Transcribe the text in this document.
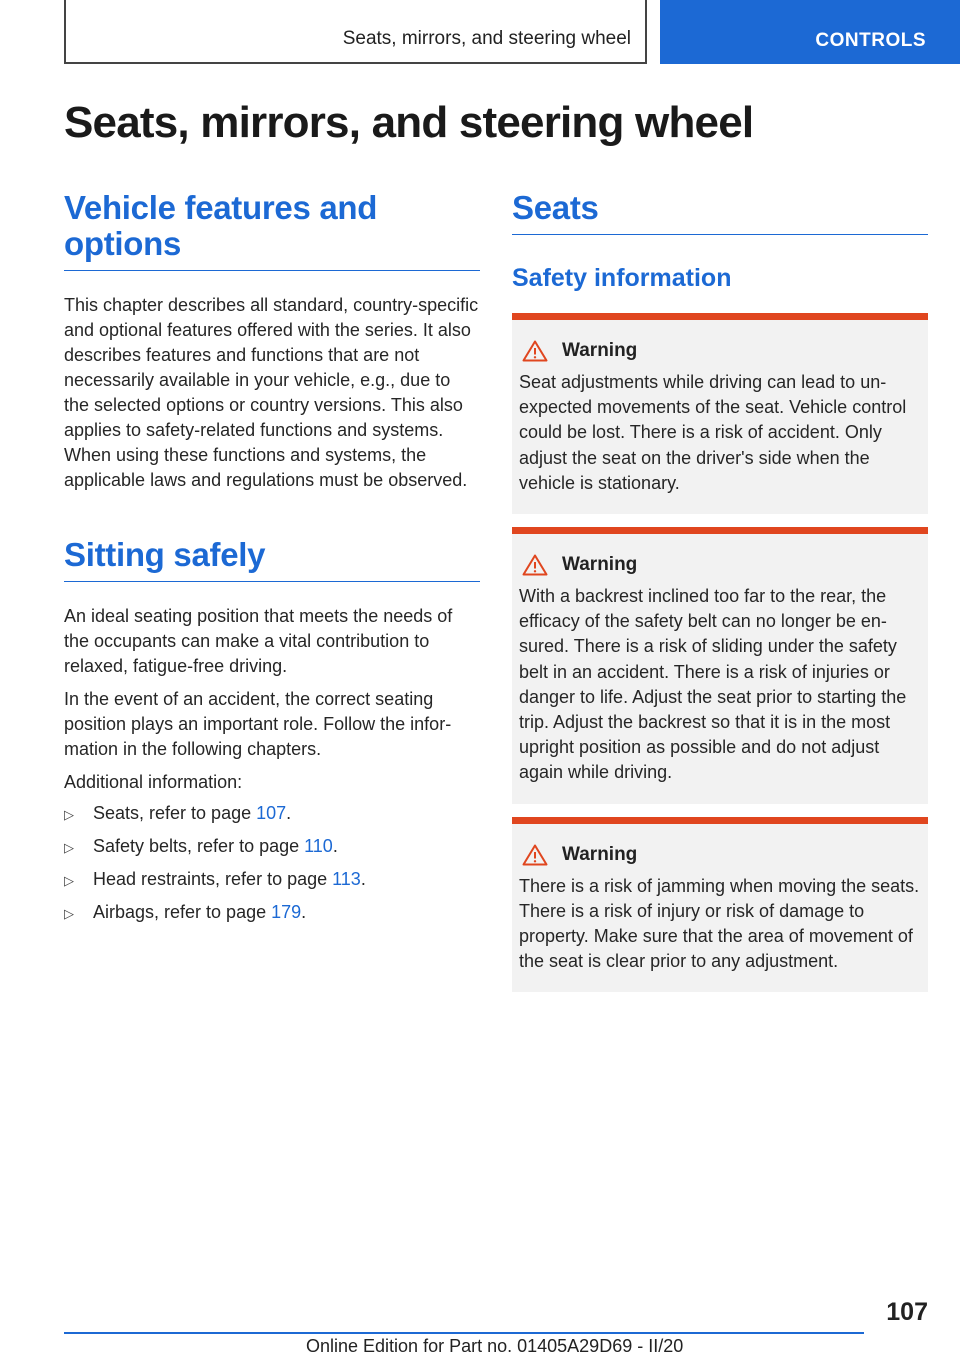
Seats, mirrors, and steering wheel	CONTROLS
Seats, mirrors, and steering wheel
Vehicle features and options

This chapter describes all standard, country-specific and optional features offered with the series. It also describes features and functions that are not necessarily available in your vehicle, e.g., due to the selected options or country versions. This also applies to safety-related functions and systems. When using these functions and systems, the applicable laws and regulations must be observed.

Sitting safely

An ideal seating position that meets the needs of the occupants can make a vital contribution to relaxed, fatigue-free driving.

In the event of an accident, the correct seating position plays an important role. Follow the information in the following chapters.

Additional information:

▷	Seats, refer to page 107.
▷	Safety belts, refer to page 110.
▷	Head restraints, refer to page 113.
▷	Airbags, refer to page 179.
Seats
Safety information
Warning

Seat adjustments while driving can lead to unexpected movements of the seat. Vehicle control could be lost. There is a risk of accident. Only adjust the seat on the driver's side when the vehicle is stationary.

Warning

With a backrest inclined too far to the rear, the efficacy of the safety belt can no longer be ensured. There is a risk of sliding under the safety belt in an accident. There is a risk of injuries or danger to life. Adjust the seat prior to starting the trip. Adjust the backrest so that it is in the most upright position as possible and do not adjust again while driving.

Warning

There is a risk of jamming when moving the seats. There is a risk of injury or risk of damage to property. Make sure that the area of movement of the seat is clear prior to any adjustment.

107
Online Edition for Part no. 01405A29D69 - II/20
